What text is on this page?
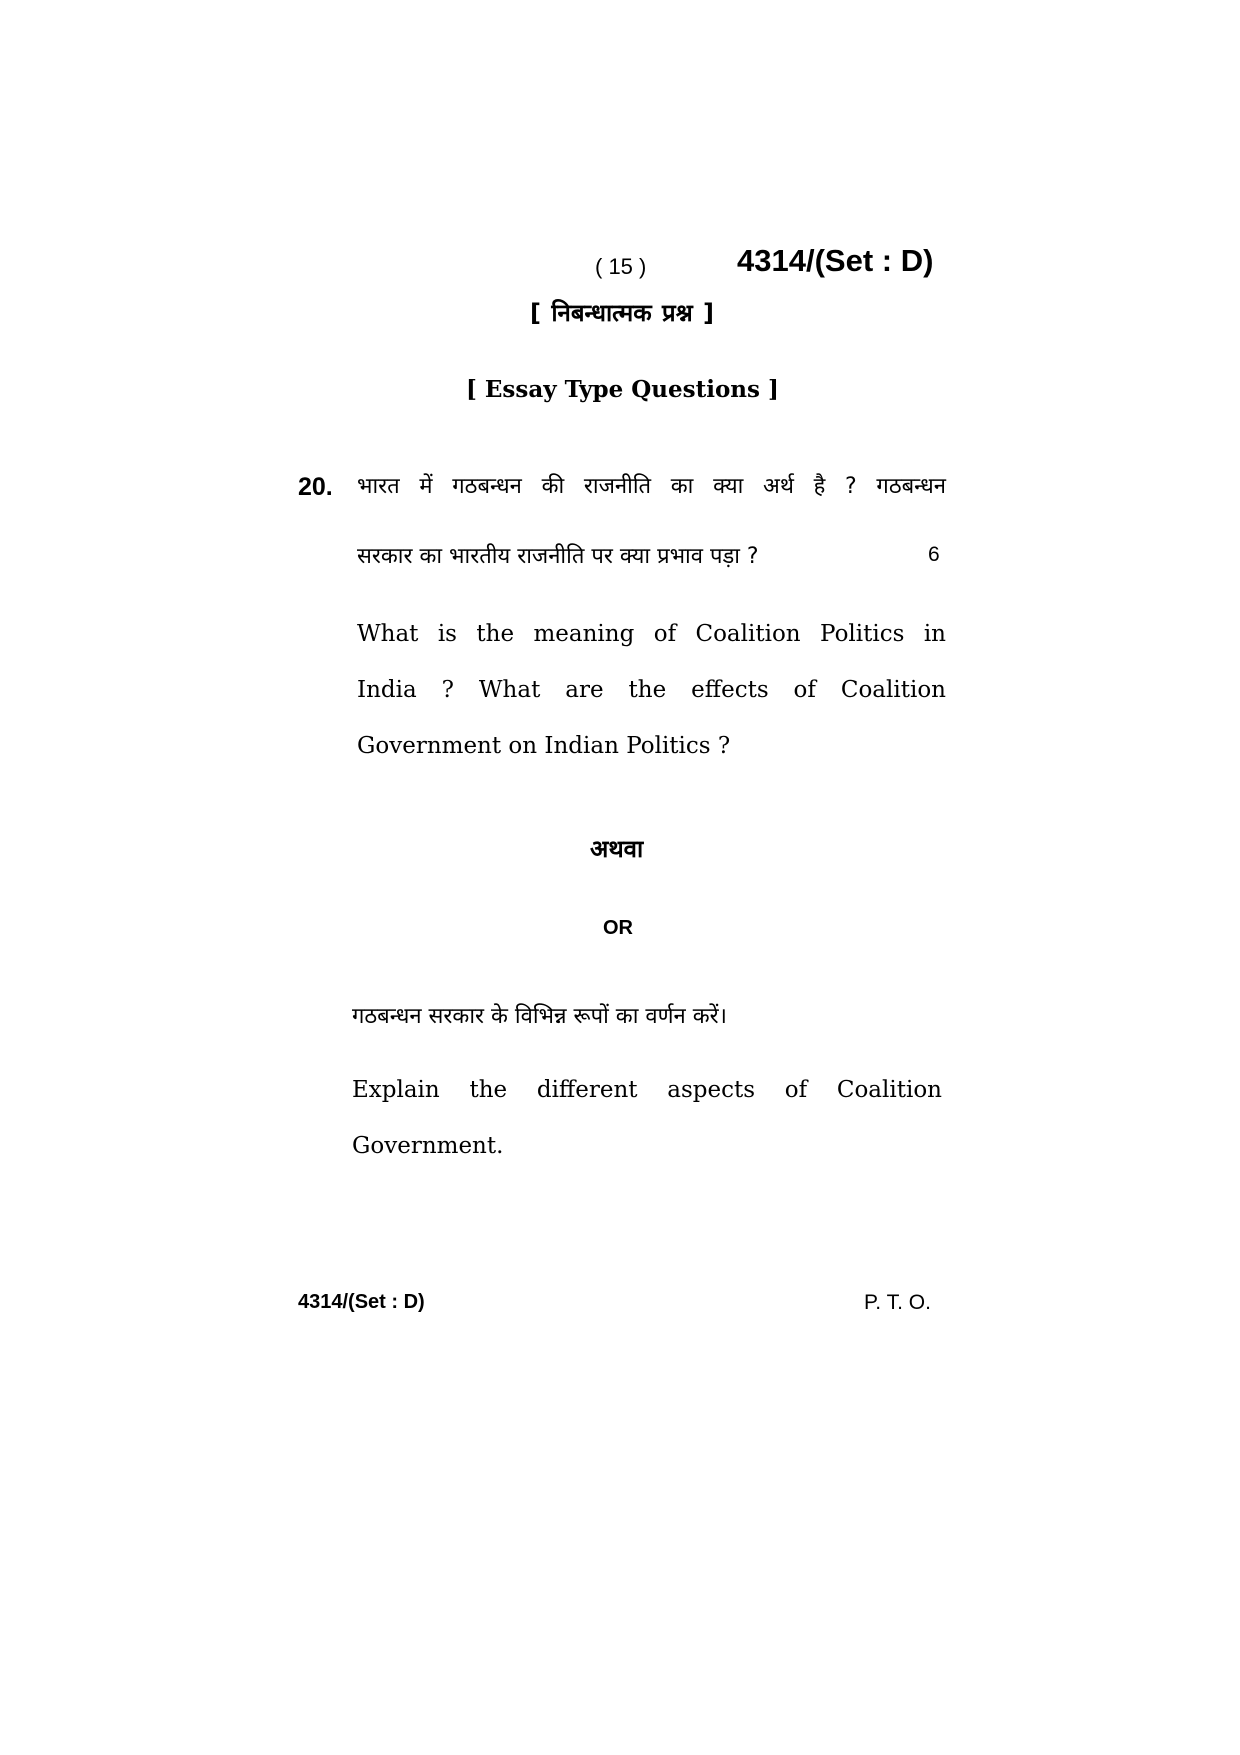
( 15 )	4314/(Set : D)
[ निबन्धात्मक प्रश्न ]
[ Essay Type Questions ]
20. भारत में गठबन्धन की राजनीति का क्या अर्थ है ? गठबन्धन
सरकार का भारतीय राजनीति पर क्या प्रभाव पड़ा ?	6
What is the meaning of Coalition Politics in
India ? What are the effects of Coalition
Government on Indian Politics ?
अथवा
OR
गठबन्धन सरकार के विभिन्न रूपों का वर्णन करें।
Explain the different aspects of Coalition
Government.
4314/(Set : D)	P. T. O.
